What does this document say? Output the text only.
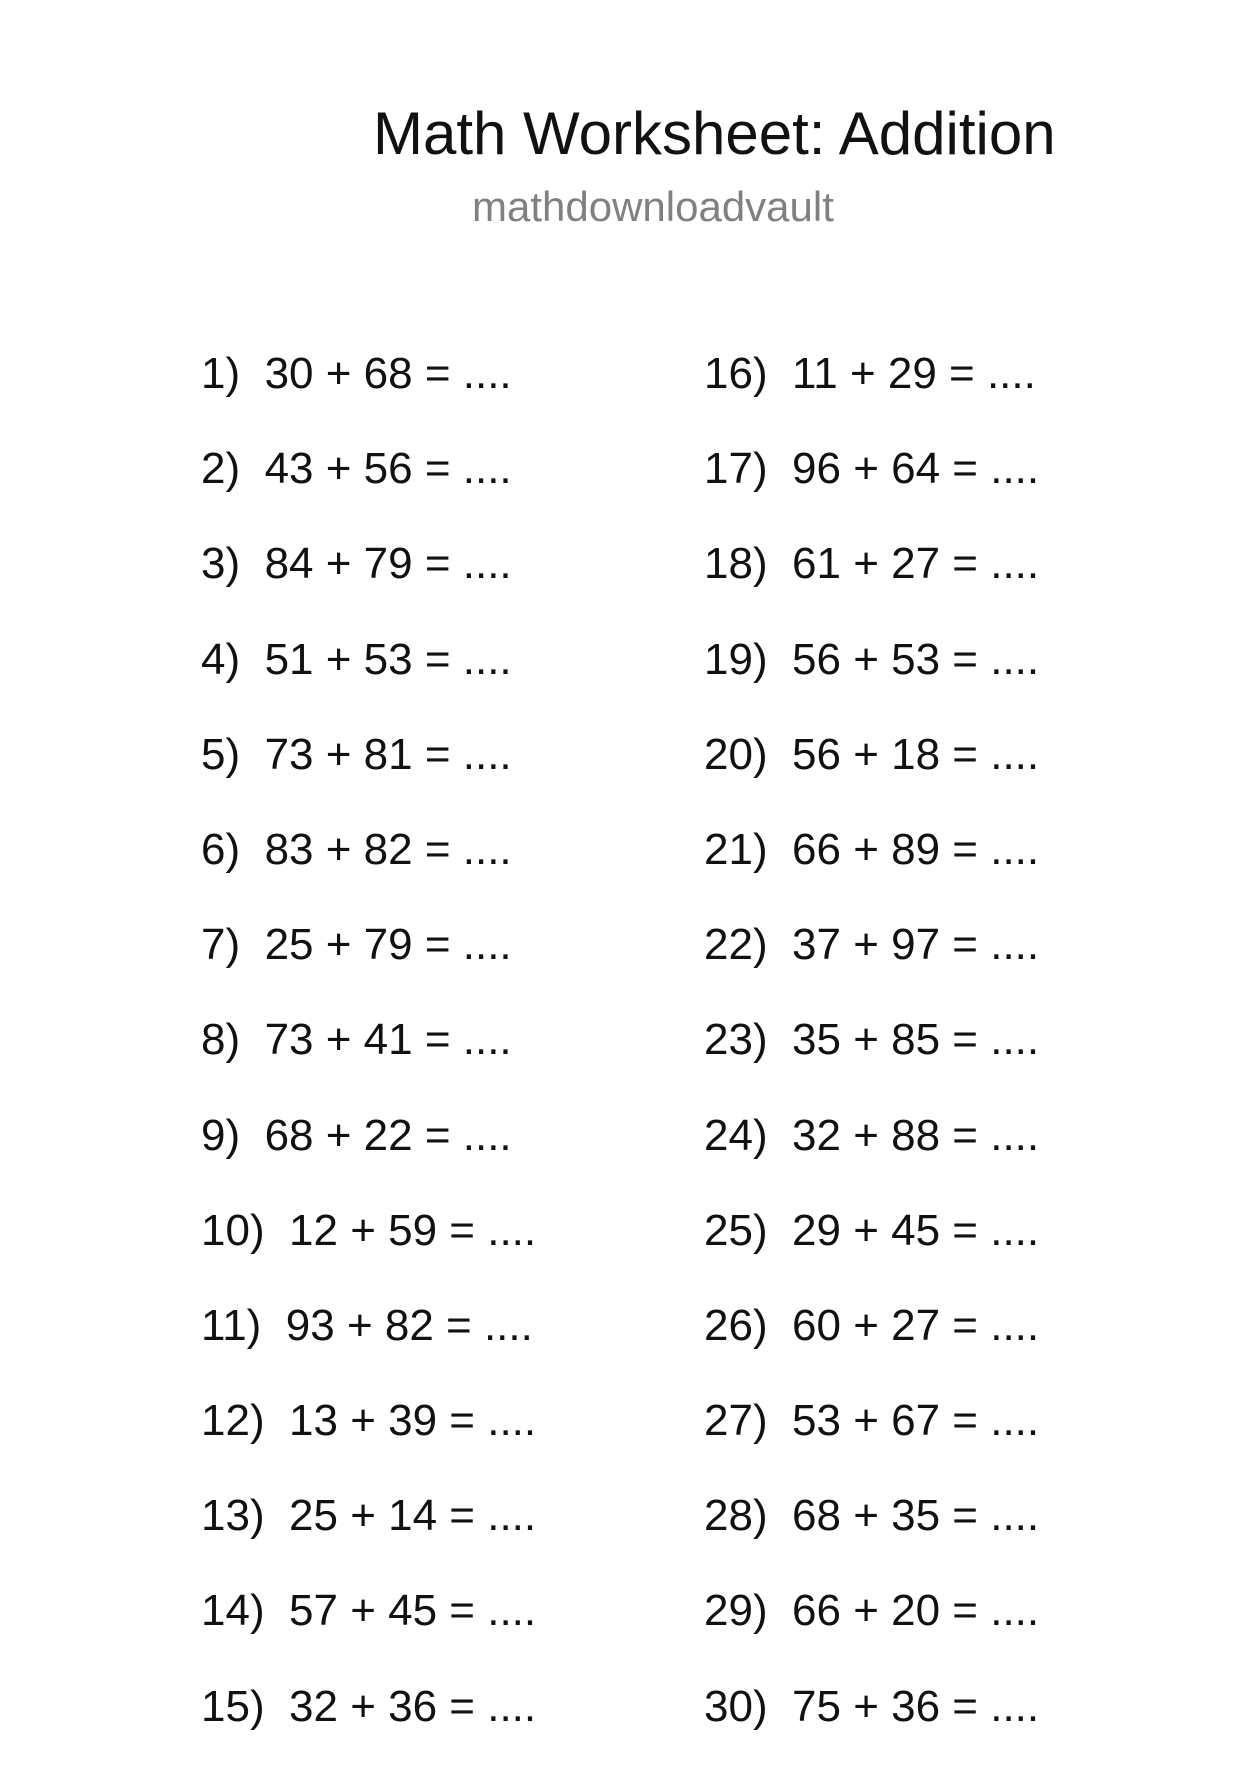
Math Worksheet: Addition
mathdownloadvault
1) 30 + 68 = ....
2) 43 + 56 = ....
3) 84 + 79 = ....
4) 51 + 53 = ....
5) 73 + 81 = ....
6) 83 + 82 = ....
7) 25 + 79 = ....
8) 73 + 41 = ....
9) 68 + 22 = ....
10) 12 + 59 = ....
11) 93 + 82 = ....
12) 13 + 39 = ....
13) 25 + 14 = ....
14) 57 + 45 = ....
15) 32 + 36 = ....
16) 11 + 29 = ....
17) 96 + 64 = ....
18) 61 + 27 = ....
19) 56 + 53 = ....
20) 56 + 18 = ....
21) 66 + 89 = ....
22) 37 + 97 = ....
23) 35 + 85 = ....
24) 32 + 88 = ....
25) 29 + 45 = ....
26) 60 + 27 = ....
27) 53 + 67 = ....
28) 68 + 35 = ....
29) 66 + 20 = ....
30) 75 + 36 = ....
